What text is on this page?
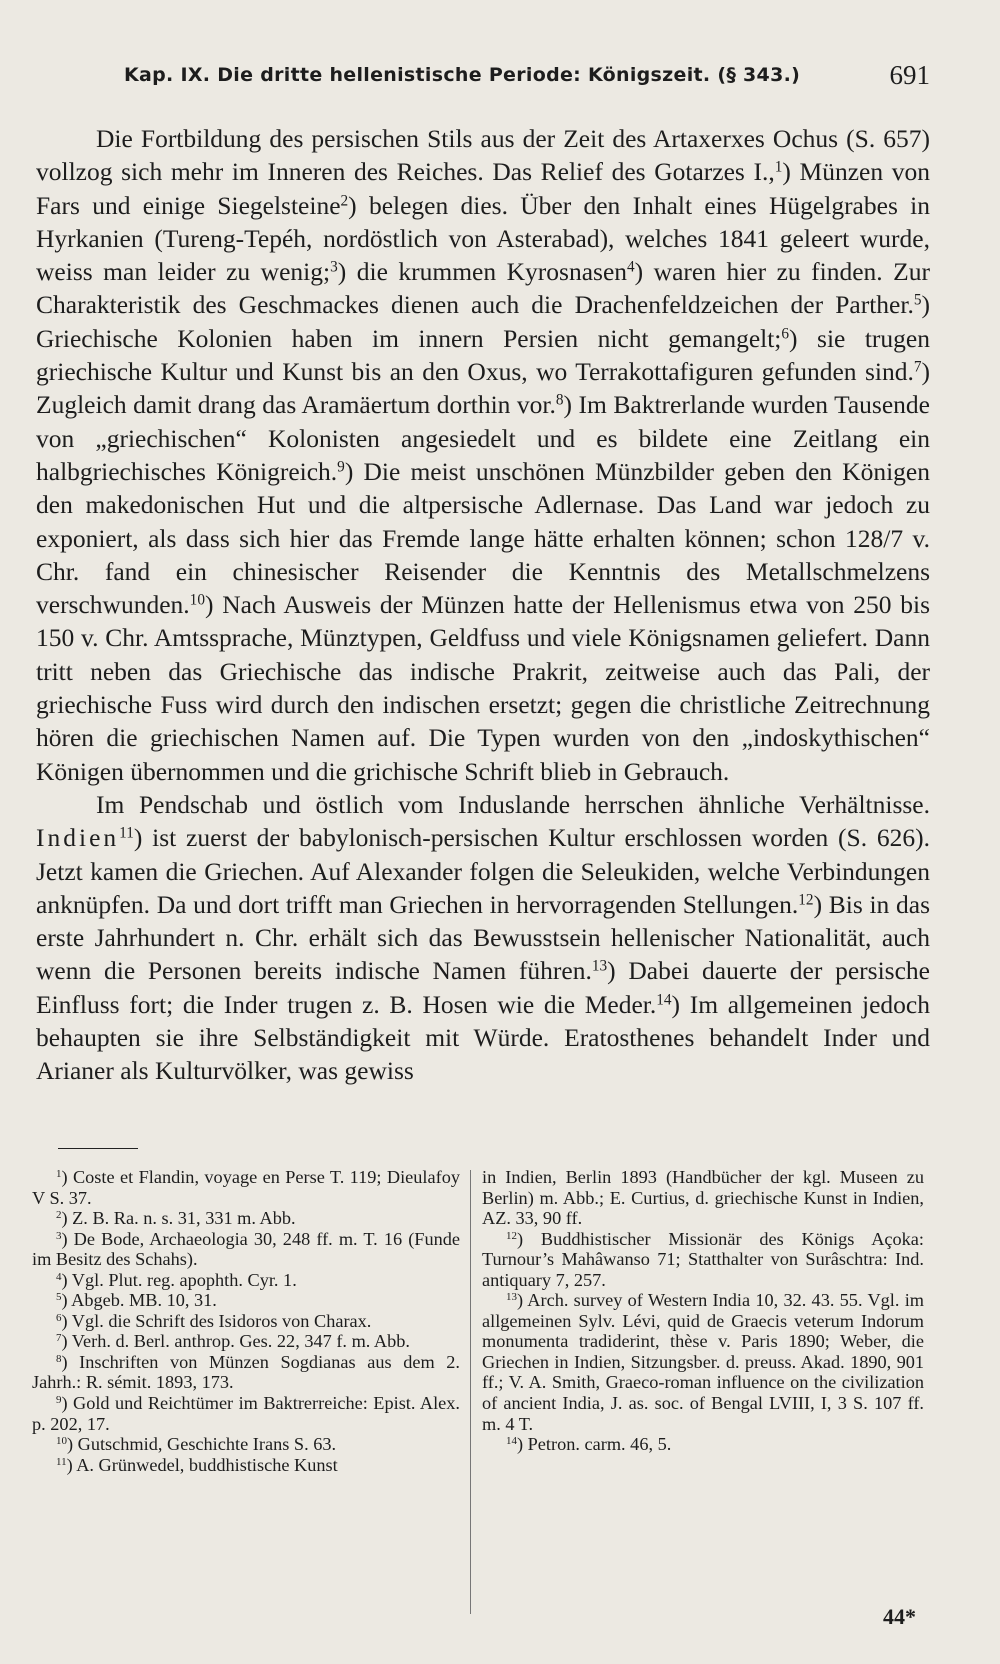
Kap. IX. Die dritte hellenistische Periode: Königszeit. (§ 343.)	691

Die Fortbildung des persischen Stils aus der Zeit des Artaxerxes Ochus (S. 657) vollzog sich mehr im Inneren des Reiches. Das Relief des Gotarzes I.,$^1$) Münzen von Fars und einige Siegelsteine$^2$) belegen dies. Über den Inhalt eines Hügelgrabes in Hyrkanien (Tureng-Tepéh, nordöstlich von Asterabad), welches 1841 geleert wurde, weiss man leider zu wenig;$^3$) die krummen Kyrosnasen$^4$) waren hier zu finden. Zur Charakteristik des Geschmackes dienen auch die Drachenfeldzeichen der Parther.$^5$) Griechische Kolonien haben im innern Persien nicht gemangelt;$^6$) sie trugen griechische Kultur und Kunst bis an den Oxus, wo Terrakottafiguren gefunden sind.$^7$) Zugleich damit drang das Aramäertum dorthin vor.$^8$) Im Baktrerlande wurden Tausende von „griechischen“ Kolonisten angesiedelt und es bildete eine Zeitlang ein halbgriechisches Königreich.$^9$) Die meist unschönen Münzbilder geben den Königen den makedonischen Hut und die altpersische Adlernase. Das Land war jedoch zu exponiert, als dass sich hier das Fremde lange hätte erhalten können; schon 128/7 v. Chr. fand ein chinesischer Reisender die Kenntnis des Metallschmelzens verschwunden.$^{10}$) Nach Ausweis der Münzen hatte der Hellenismus etwa von 250 bis 150 v. Chr. Amtssprache, Münztypen, Geldfuss und viele Königsnamen geliefert. Dann tritt neben das Griechische das indische Prakrit, zeitweise auch das Pali, der griechische Fuss wird durch den indischen ersetzt; gegen die christliche Zeitrechnung hören die griechischen Namen auf. Die Typen wurden von den „indoskythischen“ Königen übernommen und die grichische Schrift blieb in Gebrauch.

Im Pendschab und östlich vom Induslande herrschen ähnliche Verhältnisse. Indien$^{11}$) ist zuerst der babylonisch-persischen Kultur erschlossen worden (S. 626). Jetzt kamen die Griechen. Auf Alexander folgen die Seleukiden, welche Verbindungen anknüpfen. Da und dort trifft man Griechen in hervorragenden Stellungen.$^{12}$) Bis in das erste Jahrhundert n. Chr. erhält sich das Bewusstsein hellenischer Nationalität, auch wenn die Personen bereits indische Namen führen.$^{13}$) Dabei dauerte der persische Einfluss fort; die Inder trugen z. B. Hosen wie die Meder.$^{14}$) Im allgemeinen jedoch behaupten sie ihre Selbständigkeit mit Würde. Eratosthenes behandelt Inder und Arianer als Kulturvölker, was gewiss

$^1$) Coste et Flandin, voyage en Perse T. 119; Dieulafoy V S. 37.

$^2$) Z. B. Ra. n. s. 31, 331 m. Abb.

$^3$) De Bode, Archaeologia 30, 248 ff. m. T. 16 (Funde im Besitz des Schahs).

$^4$) Vgl. Plut. reg. apophth. Cyr. 1.

$^5$) Abgeb. MB. 10, 31.

$^6$) Vgl. die Schrift des Isidoros von Charax.

$^7$) Verh. d. Berl. anthrop. Ges. 22, 347 f. m. Abb.

$^8$) Inschriften von Münzen Sogdianas aus dem 2. Jahrh.: R. sémit. 1893, 173.

$^9$) Gold und Reichtümer im Baktrerreiche: Epist. Alex. p. 202, 17.

$^{10}$) Gutschmid, Geschichte Irans S. 63.

$^{11}$) A. Grünwedel, buddhistische Kunst

in Indien, Berlin 1893 (Handbücher der kgl. Museen zu Berlin) m. Abb.; E. Curtius, d. griechische Kunst in Indien, AZ. 33, 90 ff.

$^{12}$) Buddhistischer Missionär des Königs Açoka: Turnour’s Mahâwanso 71; Statthalter von Surâschtra: Ind. antiquary 7, 257.

$^{13}$) Arch. survey of Western India 10, 32. 43. 55. Vgl. im allgemeinen Sylv. Lévi, quid de Graecis veterum Indorum monumenta tradiderint, thèse v. Paris 1890; Weber, die Griechen in Indien, Sitzungsber. d. preuss. Akad. 1890, 901 ff.; V. A. Smith, Graeco-roman influence on the civilization of ancient India, J. as. soc. of Bengal LVIII, I, 3 S. 107 ff. m. 4 T.

$^{14}$) Petron. carm. 46, 5.

44*
